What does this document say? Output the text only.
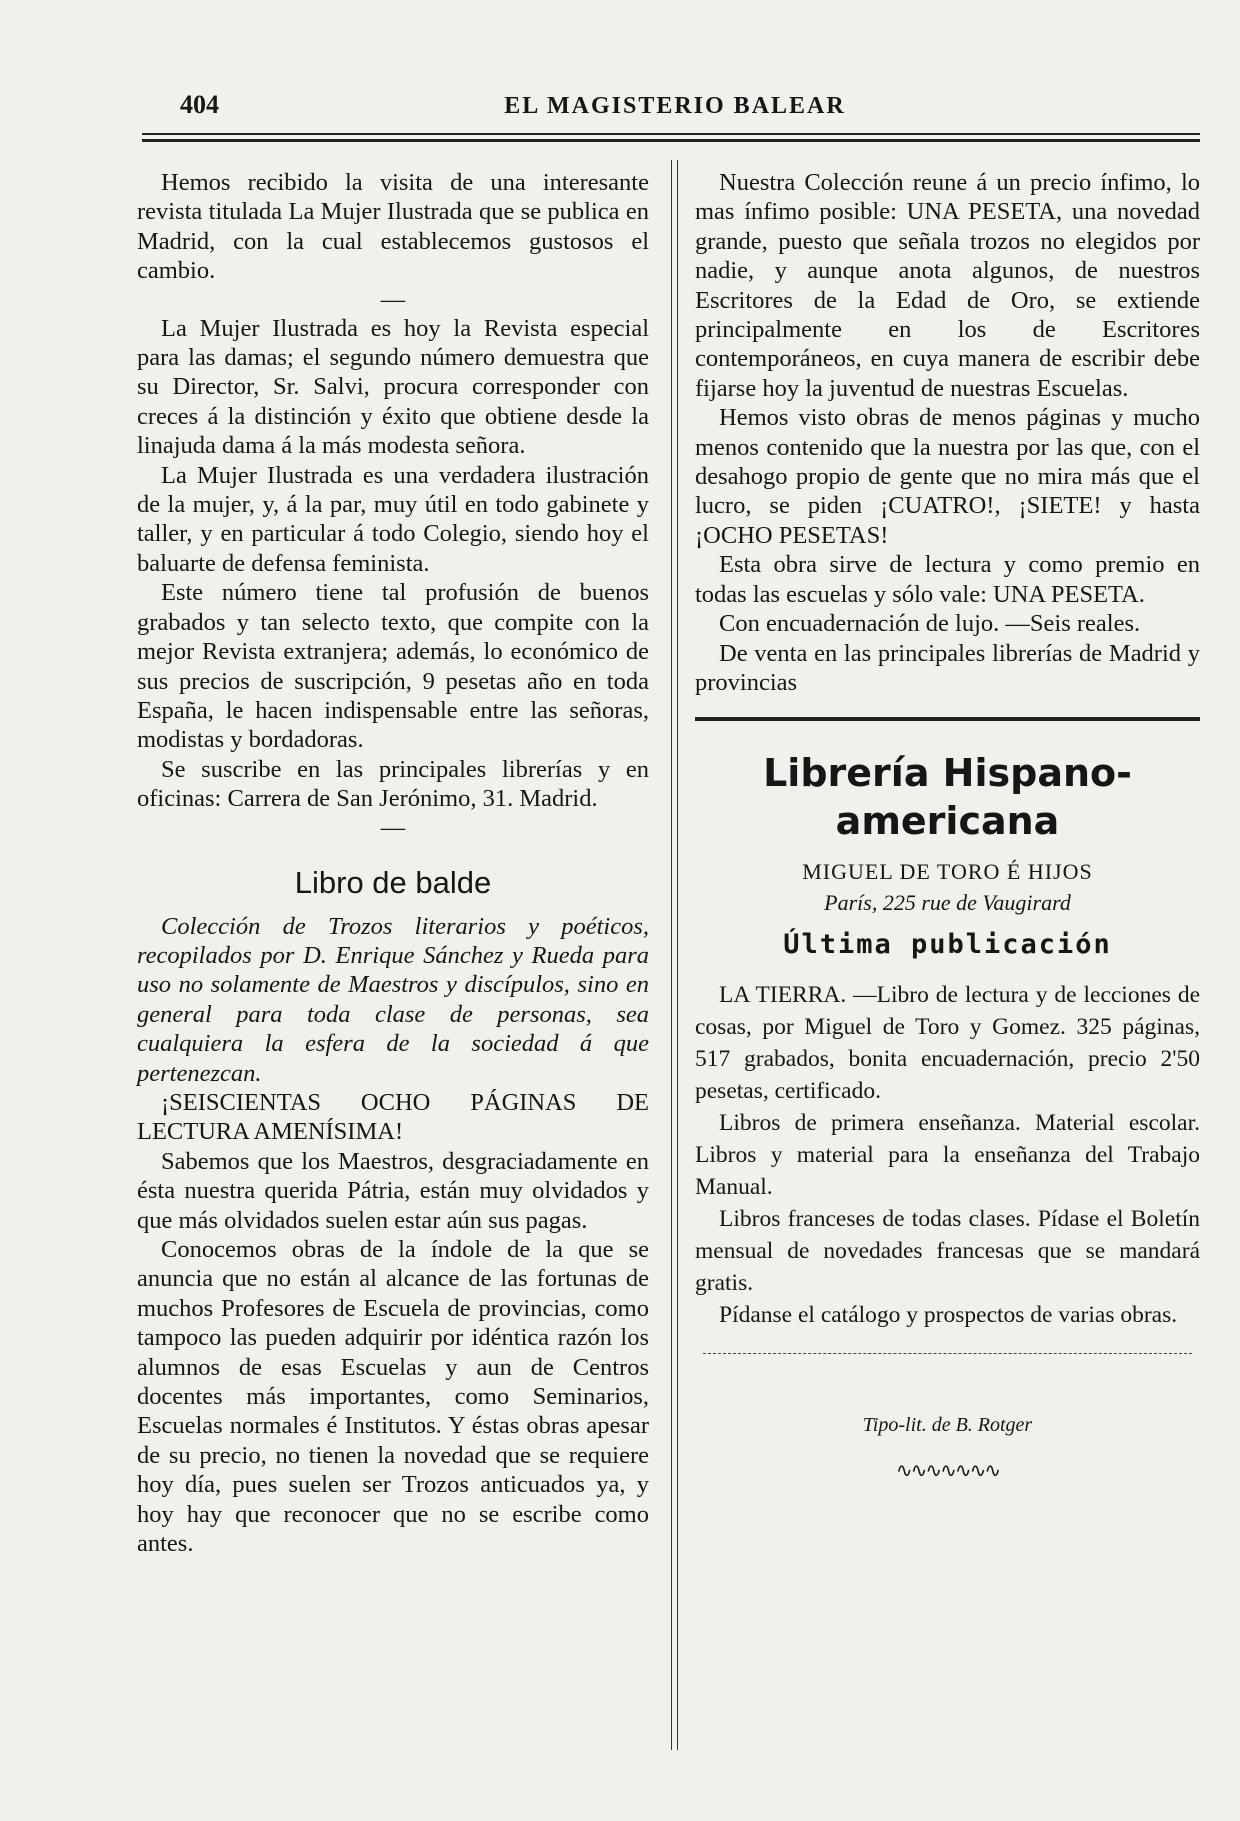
404	EL MAGISTERIO BALEAR

Hemos recibido la visita de una interesante revista titulada La Mujer Ilustrada que se publica en Madrid, con la cual establecemos gustosos el cambio.

—

La Mujer Ilustrada es hoy la Revista especial para las damas; el segundo número demuestra que su Director, Sr. Salvi, procura corresponder con creces á la distinción y éxito que obtiene desde la linajuda dama á la más modesta señora.

La Mujer Ilustrada es una verdadera ilustración de la mujer, y, á la par, muy útil en todo gabinete y taller, y en particular á todo Colegio, siendo hoy el baluarte de defensa feminista.

Este número tiene tal profusión de buenos grabados y tan selecto texto, que compite con la mejor Revista extranjera; además, lo económico de sus precios de suscripción, 9 pesetas año en toda España, le hacen indispensable entre las señoras, modistas y bordadoras.

Se suscribe en las principales librerías y en oficinas: Carrera de San Jerónimo, 31. Madrid.

—
Libro de balde

Colección de Trozos literarios y poéticos, recopilados por D. Enrique Sánchez y Rueda para uso no solamente de Maestros y discípulos, sino en general para toda clase de personas, sea cualquiera la esfera de la sociedad á que pertenezcan.

¡SEISCIENTAS OCHO PÁGINAS DE LECTURA AMENÍSIMA!

Sabemos que los Maestros, desgraciadamente en ésta nuestra querida Pátria, están muy olvidados y que más olvidados suelen estar aún sus pagas.

Conocemos obras de la índole de la que se anuncia que no están al alcance de las fortunas de muchos Profesores de Escuela de provincias, como tampoco las pueden adquirir por idéntica razón los alumnos de esas Escuelas y aun de Centros docentes más importantes, como Seminarios, Escuelas normales é Institutos. Y éstas obras apesar de su precio, no tienen la novedad que se requiere hoy día, pues suelen ser Trozos anticuados ya, y hoy hay que reconocer que no se escribe como antes.

Nuestra Colección reune á un precio ínfimo, lo mas ínfimo posible: UNA PESETA, una novedad grande, puesto que señala trozos no elegidos por nadie, y aunque anota algunos, de nuestros Escritores de la Edad de Oro, se extiende principalmente en los de Escritores contemporáneos, en cuya manera de escribir debe fijarse hoy la juventud de nuestras Escuelas.

Hemos visto obras de menos páginas y mucho menos contenido que la nuestra por las que, con el desahogo propio de gente que no mira más que el lucro, se piden ¡CUATRO!, ¡SIETE! y hasta ¡OCHO PESETAS!

Esta obra sirve de lectura y como premio en todas las escuelas y sólo vale: UNA PESETA.

Con encuadernación de lujo. —Seis reales.

De venta en las principales librerías de Madrid y provincias

Librería Hispano-americana
MIGUEL DE TORO É HIJOS
París, 225 rue de Vaugirard
Última publicación

LA TIERRA. —Libro de lectura y de lecciones de cosas, por Miguel de Toro y Gomez. 325 páginas, 517 grabados, bonita encuadernación, precio 2'50 pesetas, certificado.

Libros de primera enseñanza. Material escolar. Libros y material para la enseñanza del Trabajo Manual.

Libros franceses de todas clases. Pídase el Boletín mensual de novedades francesas que se mandará gratis.

Pídanse el catálogo y prospectos de varias obras.

Tipo-lit. de B. Rotger
∿∿∿∿∿∿∿
